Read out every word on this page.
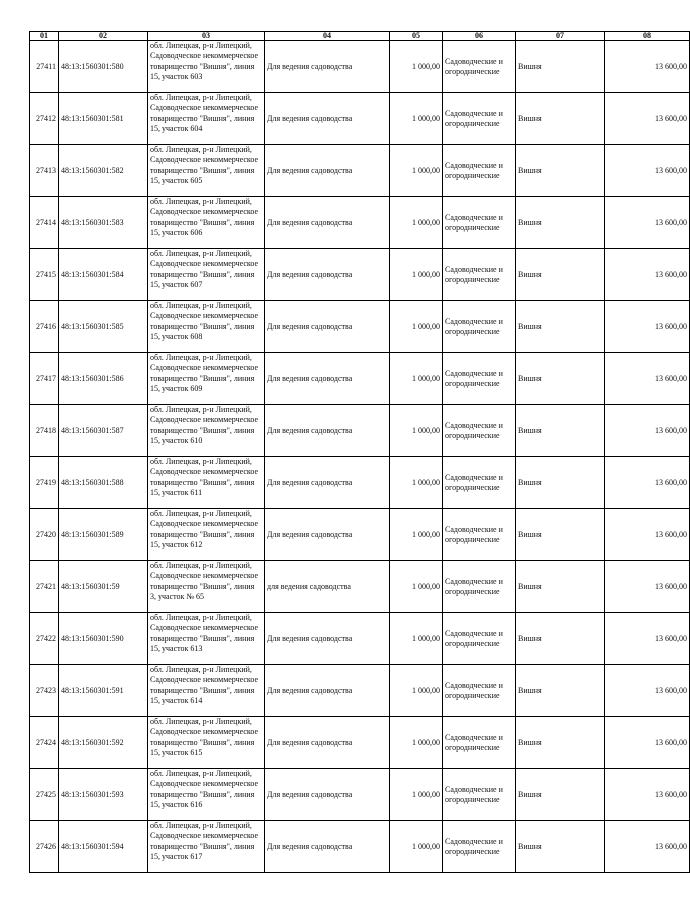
01	02	03	04	05	06	07	08
27411	48:13:1560301:580	обл. Липецкая, р-н Липецкий, Садоводческое некоммерческое товарищество "Вишня", линия 15, участок 603	Для ведения садоводства	1 000,00	Садоводческие и огороднические	Вишня	13 600,00
27412	48:13:1560301:581	обл. Липецкая, р-н Липецкий, Садоводческое некоммерческое товарищество "Вишня", линия 15, участок 604	Для ведения садоводства	1 000,00	Садоводческие и огороднические	Вишня	13 600,00
27413	48:13:1560301:582	обл. Липецкая, р-н Липецкий, Садоводческое некоммерческое товарищество "Вишня", линия 15, участок 605	Для ведения садоводства	1 000,00	Садоводческие и огороднические	Вишня	13 600,00
27414	48:13:1560301:583	обл. Липецкая, р-н Липецкий, Садоводческое некоммерческое товарищество "Вишня", линия 15, участок 606	Для ведения садоводства	1 000,00	Садоводческие и огороднические	Вишня	13 600,00
27415	48:13:1560301:584	обл. Липецкая, р-н Липецкий, Садоводческое некоммерческое товарищество "Вишня", линия 15, участок 607	Для ведения садоводства	1 000,00	Садоводческие и огороднические	Вишня	13 600,00
27416	48:13:1560301:585	обл. Липецкая, р-н Липецкий, Садоводческое некоммерческое товарищество "Вишня", линия 15, участок 608	Для ведения садоводства	1 000,00	Садоводческие и огороднические	Вишня	13 600,00
27417	48:13:1560301:586	обл. Липецкая, р-н Липецкий, Садоводческое некоммерческое товарищество "Вишня", линия 15, участок 609	Для ведения садоводства	1 000,00	Садоводческие и огороднические	Вишня	13 600,00
27418	48:13:1560301:587	обл. Липецкая, р-н Липецкий, Садоводческое некоммерческое товарищество "Вишня", линия 15, участок 610	Для ведения садоводства	1 000,00	Садоводческие и огороднические	Вишня	13 600,00
27419	48:13:1560301:588	обл. Липецкая, р-н Липецкий, Садоводческое некоммерческое товарищество "Вишня", линия 15, участок 611	Для ведения садоводства	1 000,00	Садоводческие и огороднические	Вишня	13 600,00
27420	48:13:1560301:589	обл. Липецкая, р-н Липецкий, Садоводческое некоммерческое товарищество "Вишня", линия 15, участок 612	Для ведения садоводства	1 000,00	Садоводческие и огороднические	Вишня	13 600,00
27421	48:13:1560301:59	обл. Липецкая, р-н Липецкий, Садоводческое некоммерческое товарищество "Вишня", линия 3, участок № 65	для ведения садоводства	1 000,00	Садоводческие и огороднические	Вишня	13 600,00
27422	48:13:1560301:590	обл. Липецкая, р-н Липецкий, Садоводческое некоммерческое товарищество "Вишня", линия 15, участок 613	Для ведения садоводства	1 000,00	Садоводческие и огороднические	Вишня	13 600,00
27423	48:13:1560301:591	обл. Липецкая, р-н Липецкий, Садоводческое некоммерческое товарищество "Вишня", линия 15, участок 614	Для ведения садоводства	1 000,00	Садоводческие и огороднические	Вишня	13 600,00
27424	48:13:1560301:592	обл. Липецкая, р-н Липецкий, Садоводческое некоммерческое товарищество "Вишня", линия 15, участок 615	Для ведения садоводства	1 000,00	Садоводческие и огороднические	Вишня	13 600,00
27425	48:13:1560301:593	обл. Липецкая, р-н Липецкий, Садоводческое некоммерческое товарищество "Вишня", линия 15, участок 616	Для ведения садоводства	1 000,00	Садоводческие и огороднические	Вишня	13 600,00
27426	48:13:1560301:594	обл. Липецкая, р-н Липецкий, Садоводческое некоммерческое товарищество "Вишня", линия 15, участок 617	Для ведения садоводства	1 000,00	Садоводческие и огороднические	Вишня	13 600,00
